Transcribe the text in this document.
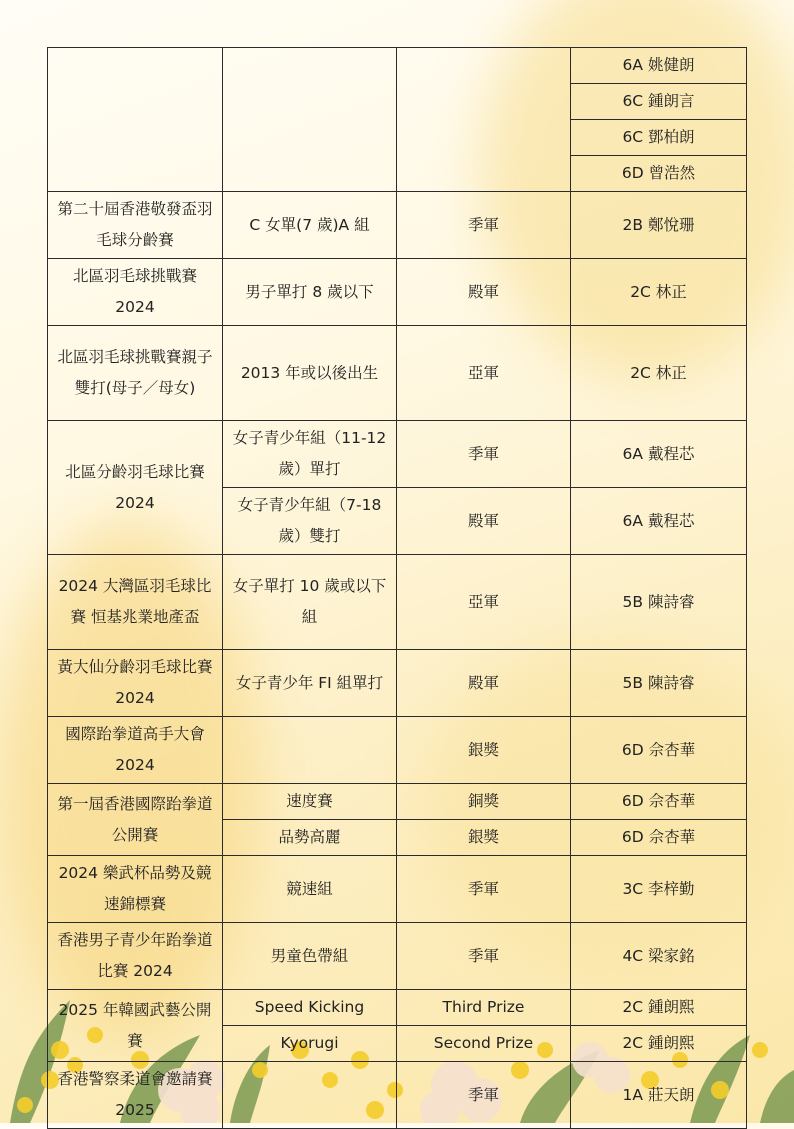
			6A 姚健朗
			6C 鍾朗言
			6C 鄧柏朗
			6D 曾浩然
第二十屆香港敬發盃羽毛球分齡賽	C 女單(7 歲)A 組	季軍	2B 鄭悅珊
北區羽毛球挑戰賽 2024	男子單打 8 歲以下	殿軍	2C 林正
北區羽毛球挑戰賽親子雙打(母子／母女)	2013 年或以後出生	亞軍	2C 林正
北區分齡羽毛球比賽 2024	女子青少年組（11-12 歲）單打	季軍	6A 戴程芯
	女子青少年組（7-18 歲）雙打	殿軍	6A 戴程芯
2024 大灣區羽毛球比賽 恒基兆業地產盃	女子單打 10 歲或以下組	亞軍	5B 陳詩睿
黃大仙分齡羽毛球比賽 2024	女子青少年 FI 組單打	殿軍	5B 陳詩睿
國際跆拳道高手大會 2024		銀獎	6D 佘杏華
第一屆香港國際跆拳道公開賽	速度賽	銅獎	6D 佘杏華
	品勢高麗	銀獎	6D 佘杏華
2024 樂武杯品勢及競速錦標賽	競速組	季軍	3C 李梓勤
香港男子青少年跆拳道比賽 2024	男童色帶組	季軍	4C 梁家銘
2025 年韓國武藝公開賽	Speed Kicking	Third Prize	2C 鍾朗熙
	Kyorugi	Second Prize	2C 鍾朗熙
香港警察柔道會邀請賽 2025		季軍	1A 莊天朗
